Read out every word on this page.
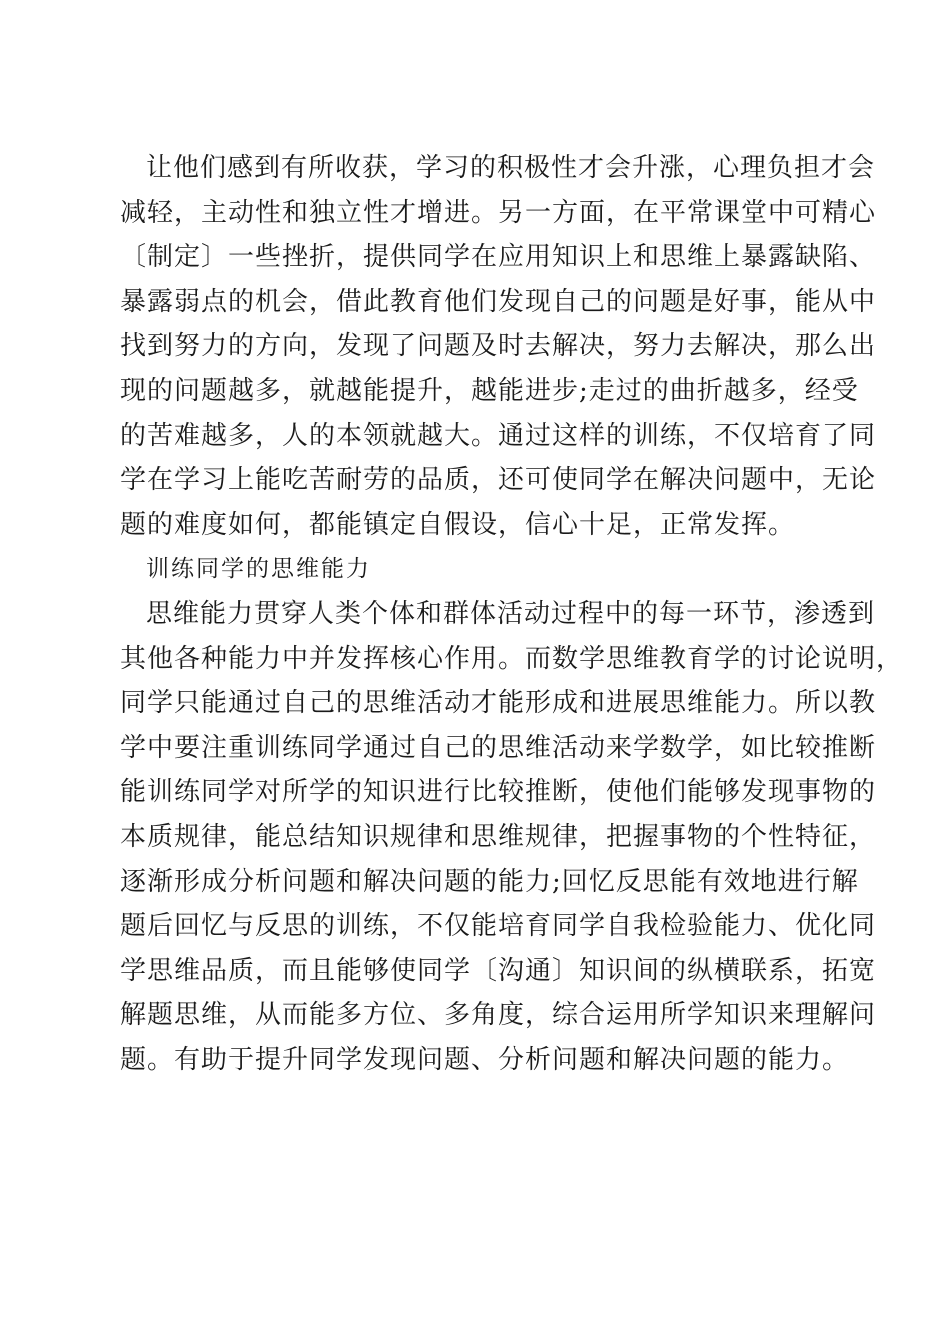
让他们感到有所收获，学习的积极性才会升涨，心理负担才会
减轻，主动性和独立性才增进。另一方面，在平常课堂中可精心
〔制定〕一些挫折，提供同学在应用知识上和思维上暴露缺陷、
暴露弱点的机会，借此教育他们发现自己的问题是好事，能从中
找到努力的方向，发现了问题及时去解决，努力去解决，那么出
现的问题越多，就越能提升，越能进步;走过的曲折越多，经受
的苦难越多，人的本领就越大。通过这样的训练，不仅培育了同
学在学习上能吃苦耐劳的品质，还可使同学在解决问题中，无论
题的难度如何，都能镇定自假设，信心十足，正常发挥。
训练同学的思维能力
思维能力贯穿人类个体和群体活动过程中的每一环节，渗透到
其他各种能力中并发挥核心作用。而数学思维教育学的讨论说明，
同学只能通过自己的思维活动才能形成和进展思维能力。所以教
学中要注重训练同学通过自己的思维活动来学数学，如比较推断
能训练同学对所学的知识进行比较推断，使他们能够发现事物的
本质规律，能总结知识规律和思维规律，把握事物的个性特征，
逐渐形成分析问题和解决问题的能力;回忆反思能有效地进行解
题后回忆与反思的训练，不仅能培育同学自我检验能力、优化同
学思维品质，而且能够使同学〔沟通〕知识间的纵横联系，拓宽
解题思维，从而能多方位、多角度，综合运用所学知识来理解问
题。有助于提升同学发现问题、分析问题和解决问题的能力。
